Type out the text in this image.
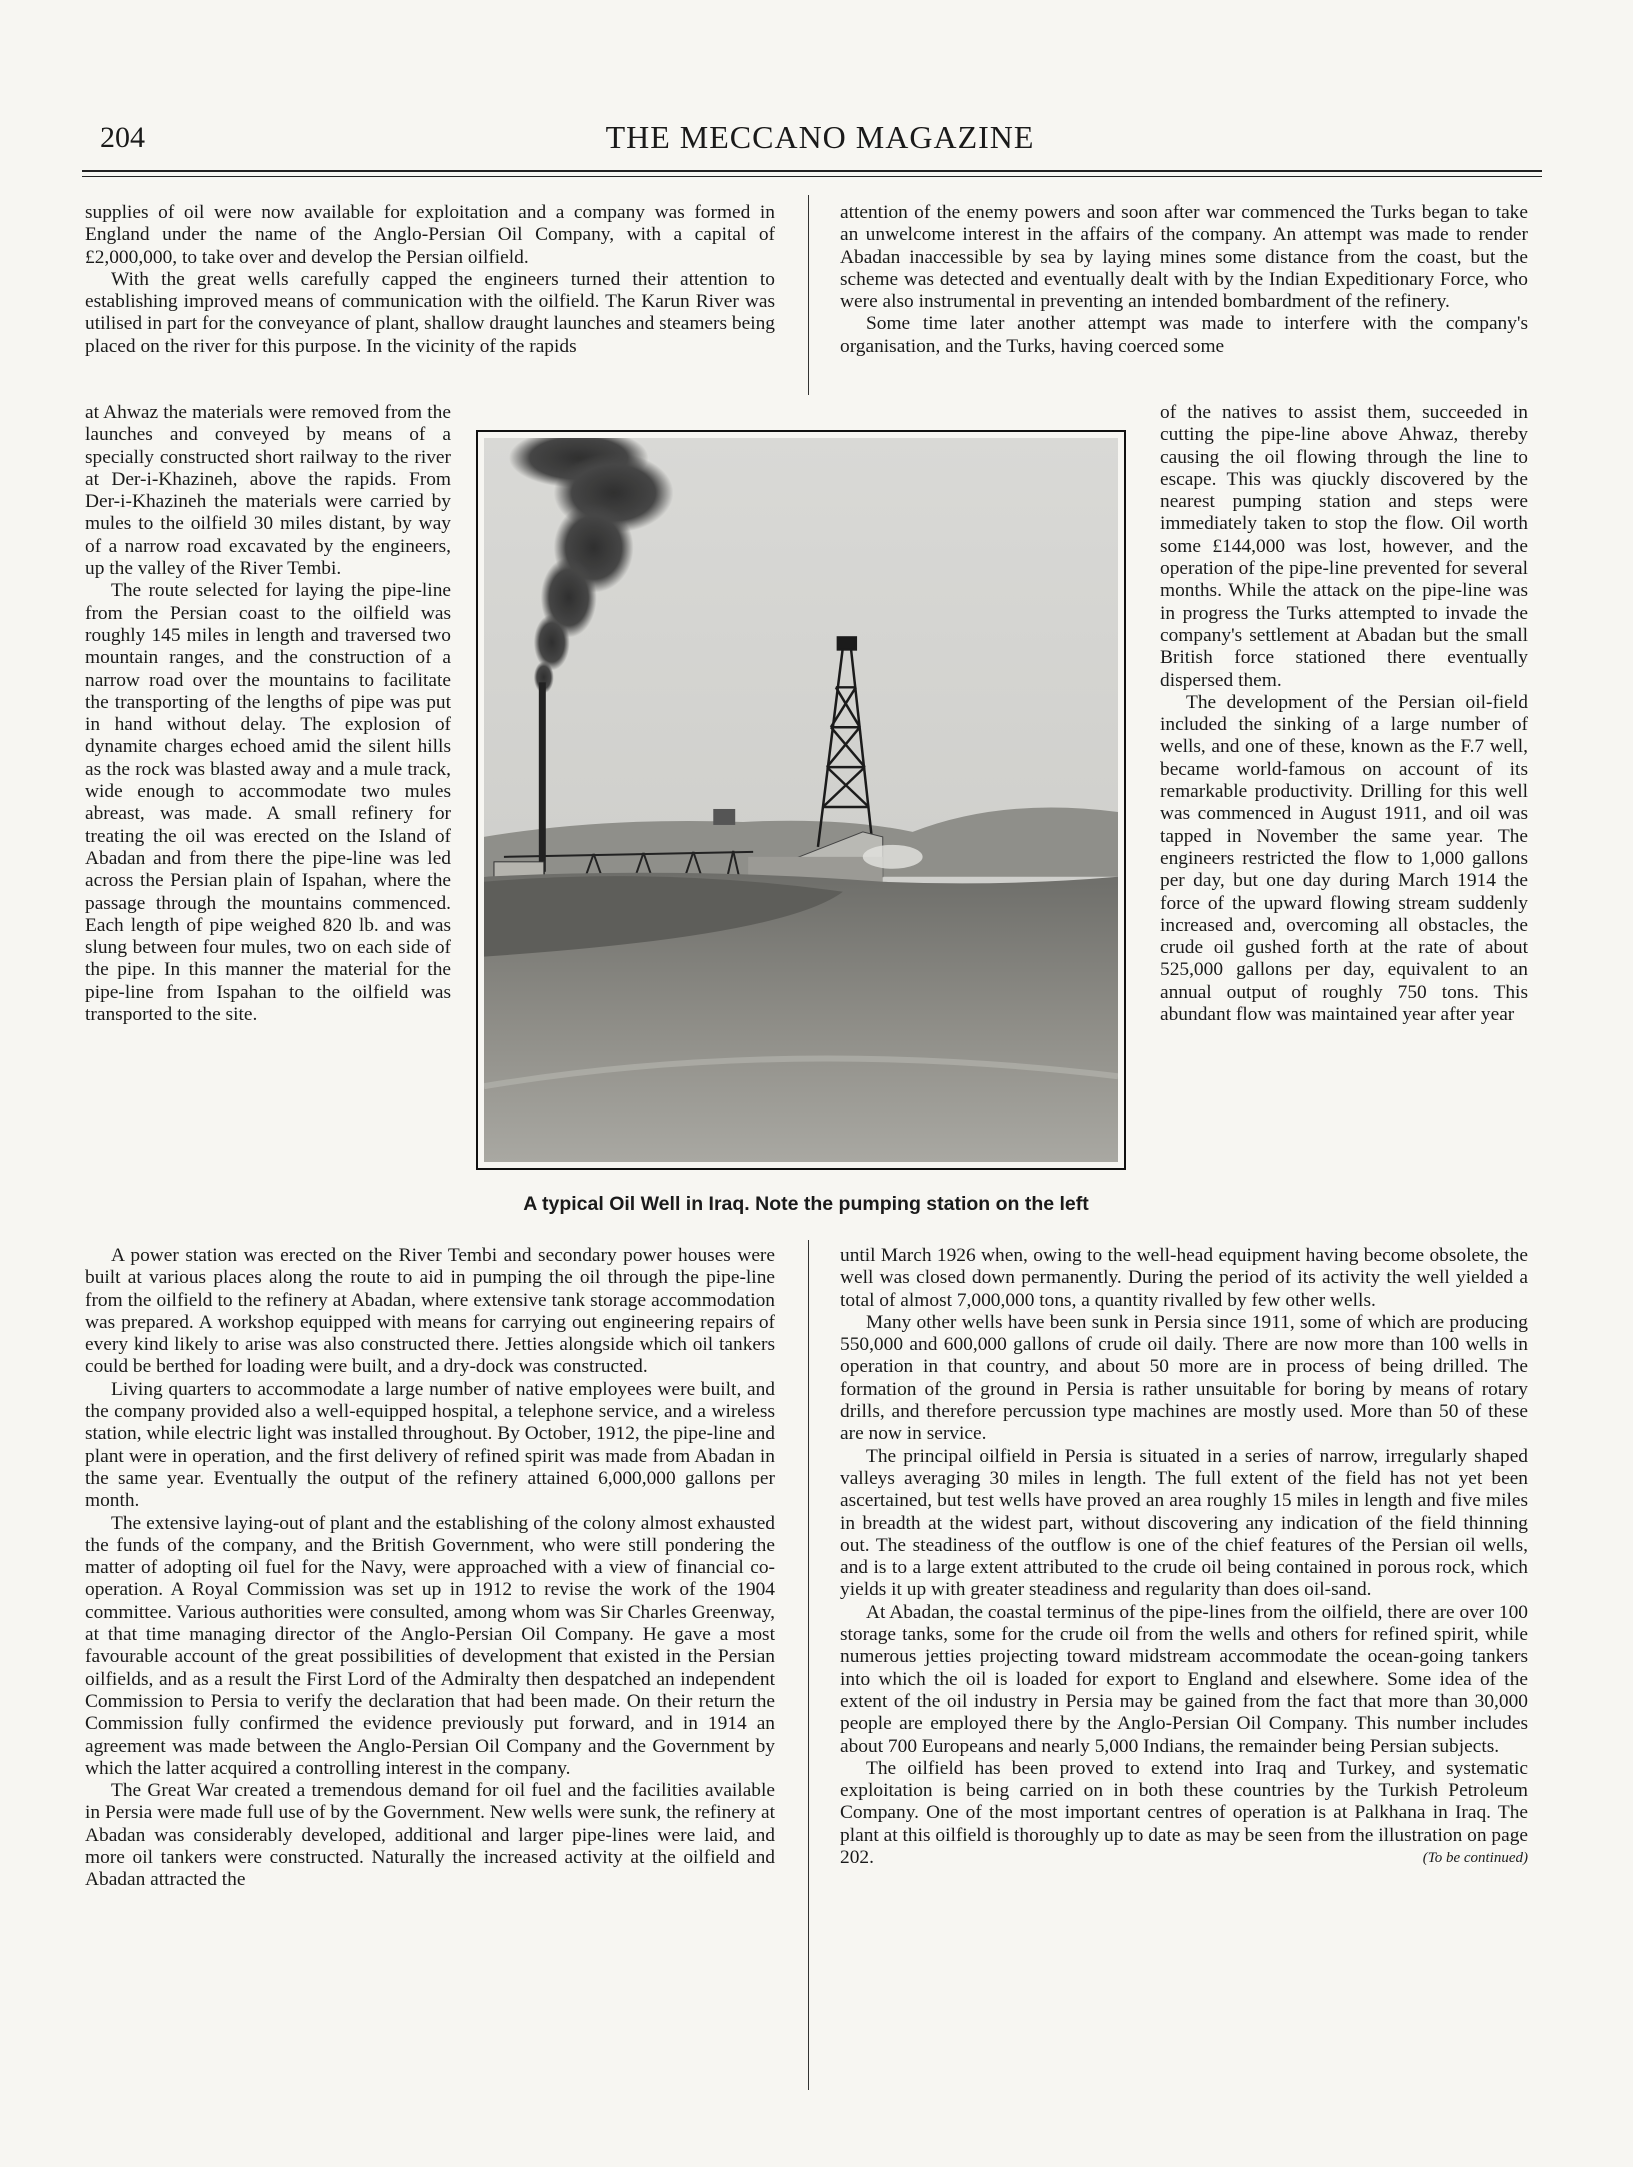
204	THE MECCANO MAGAZINE

supplies of oil were now available for exploitation and a company was formed in England under the name of the Anglo-Persian Oil Company, with a capital of £2,000,000, to take over and develop the Persian oilfield.

With the great wells carefully capped the engineers turned their attention to establishing improved means of communication with the oilfield. The Karun River was utilised in part for the conveyance of plant, shallow draught launches and steamers being placed on the river for this purpose. In the vicinity of the rapids

at Ahwaz the materials were removed from the launches and conveyed by means of a specially constructed short railway to the river at Der-i-Khazineh, above the rapids. From Der-i-Khazineh the materials were carried by mules to the oilfield 30 miles distant, by way of a narrow road excavated by the engineers, up the valley of the River Tembi.

The route selected for laying the pipe-line from the Persian coast to the oilfield was roughly 145 miles in length and traversed two mountain ranges, and the construction of a narrow road over the mountains to facilitate the transporting of the lengths of pipe was put in hand without delay. The explosion of dynamite charges echoed amid the silent hills as the rock was blasted away and a mule track, wide enough to accommodate two mules abreast, was made. A small refinery for treating the oil was erected on the Island of Abadan and from there the pipe-line was led across the Persian plain of Ispahan, where the passage through the mountains commenced. Each length of pipe weighed 820 lb. and was slung between four mules, two on each side of the pipe. In this manner the material for the pipe-line from Ispahan to the oilfield was transported to the site.

A power station was erected on the River Tembi and secondary power houses were built at various places along the route to aid in pumping the oil through the pipe-line from the oilfield to the refinery at Abadan, where extensive tank storage accommodation was prepared. A workshop equipped with means for carrying out engineering repairs of every kind likely to arise was also constructed there. Jetties alongside which oil tankers could be berthed for loading were built, and a dry-dock was constructed.

Living quarters to accommodate a large number of native employees were built, and the company provided also a well-equipped hospital, a telephone service, and a wireless station, while electric light was installed throughout. By October, 1912, the pipe-line and plant were in operation, and the first delivery of refined spirit was made from Abadan in the same year. Eventually the output of the refinery attained 6,000,000 gallons per month.

The extensive laying-out of plant and the establishing of the colony almost exhausted the funds of the company, and the British Government, who were still pondering the matter of adopting oil fuel for the Navy, were approached with a view of financial co-operation. A Royal Commission was set up in 1912 to revise the work of the 1904 committee. Various authorities were consulted, among whom was Sir Charles Greenway, at that time managing director of the Anglo-Persian Oil Company. He gave a most favourable account of the great possibilities of development that existed in the Persian oilfields, and as a result the First Lord of the Admiralty then despatched an independent Commission to Persia to verify the declaration that had been made. On their return the Commission fully confirmed the evidence previously put forward, and in 1914 an agreement was made between the Anglo-Persian Oil Company and the Government by which the latter acquired a controlling interest in the company.

The Great War created a tremendous demand for oil fuel and the facilities available in Persia were made full use of by the Government. New wells were sunk, the refinery at Abadan was considerably developed, additional and larger pipe-lines were laid, and more oil tankers were constructed. Naturally the increased activity at the oilfield and Abadan attracted the

attention of the enemy powers and soon after war commenced the Turks began to take an unwelcome interest in the affairs of the company. An attempt was made to render Abadan inaccessible by sea by laying mines some distance from the coast, but the scheme was detected and eventually dealt with by the Indian Expeditionary Force, who were also instrumental in preventing an intended bombardment of the refinery.

Some time later another attempt was made to interfere with the company's organisation, and the Turks, having coerced some

of the natives to assist them, succeeded in cutting the pipe-line above Ahwaz, thereby causing the oil flowing through the line to escape. This was qiuckly discovered by the nearest pumping station and steps were immediately taken to stop the flow. Oil worth some £144,000 was lost, however, and the operation of the pipe-line prevented for several months. While the attack on the pipe-line was in progress the Turks attempted to invade the company's settlement at Abadan but the small British force stationed there eventually dispersed them.

The development of the Persian oil-field included the sinking of a large number of wells, and one of these, known as the F.7 well, became world-famous on account of its remarkable productivity. Drilling for this well was commenced in August 1911, and oil was tapped in November the same year. The engineers restricted the flow to 1,000 gallons per day, but one day during March 1914 the force of the upward flowing stream suddenly increased and, overcoming all obstacles, the crude oil gushed forth at the rate of about 525,000 gallons per day, equivalent to an annual output of roughly 750 tons. This abundant flow was maintained year after year

until March 1926 when, owing to the well-head equipment having become obsolete, the well was closed down permanently. During the period of its activity the well yielded a total of almost 7,000,000 tons, a quantity rivalled by few other wells.

Many other wells have been sunk in Persia since 1911, some of which are producing 550,000 and 600,000 gallons of crude oil daily. There are now more than 100 wells in operation in that country, and about 50 more are in process of being drilled. The formation of the ground in Persia is rather unsuitable for boring by means of rotary drills, and therefore percussion type machines are mostly used. More than 50 of these are now in service.

The principal oilfield in Persia is situated in a series of narrow, irregularly shaped valleys averaging 30 miles in length. The full extent of the field has not yet been ascertained, but test wells have proved an area roughly 15 miles in length and five miles in breadth at the widest part, without discovering any indication of the field thinning out. The steadiness of the outflow is one of the chief features of the Persian oil wells, and is to a large extent attributed to the crude oil being contained in porous rock, which yields it up with greater steadiness and regularity than does oil-sand.

At Abadan, the coastal terminus of the pipe-lines from the oilfield, there are over 100 storage tanks, some for the crude oil from the wells and others for refined spirit, while numerous jetties projecting toward midstream accommodate the ocean-going tankers into which the oil is loaded for export to England and elsewhere. Some idea of the extent of the oil industry in Persia may be gained from the fact that more than 30,000 people are employed there by the Anglo-Persian Oil Company. This number includes about 700 Europeans and nearly 5,000 Indians, the remainder being Persian subjects.

The oilfield has been proved to extend into Iraq and Turkey, and systematic exploitation is being carried on in both these countries by the Turkish Petroleum Company. One of the most important centres of operation is at Palkhana in Iraq. The plant at this oilfield is thoroughly up to date as may be seen from the illustration on page 202.	(To be continued)

A typical Oil Well in Iraq. Note the pumping station on the left
